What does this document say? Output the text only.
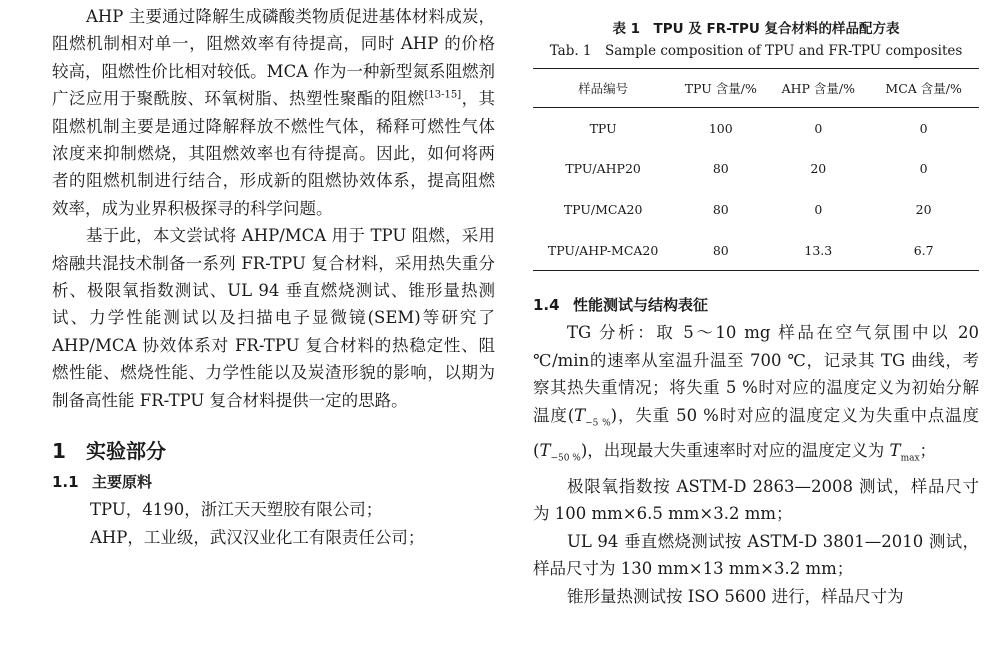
AHP 主要通过降解生成磷酸类物质促进基体材料成炭，阻燃机制相对单一，阻燃效率有待提高，同时 AHP 的价格较高，阻燃性价比相对较低。MCA 作为一种新型氮系阻燃剂广泛应用于聚酰胺、环氧树脂、热塑性聚酯的阻燃[13-15]，其阻燃机制主要是通过降解释放不燃性气体，稀释可燃性气体浓度来抑制燃烧，其阻燃效率也有待提高。因此，如何将两者的阻燃机制进行结合，形成新的阻燃协效体系，提高阻燃效率，成为业界积极探寻的科学问题。

基于此，本文尝试将 AHP/MCA 用于 TPU 阻燃，采用熔融共混技术制备一系列 FR-TPU 复合材料，采用热失重分析、极限氧指数测试、UL 94 垂直燃烧测试、锥形量热测试、力学性能测试以及扫描电子显微镜(SEM)等研究了 AHP/MCA 协效体系对 FR-TPU 复合材料的热稳定性、阻燃性能、燃烧性能、力学性能以及炭渣形貌的影响，以期为制备高性能 FR-TPU 复合材料提供一定的思路。

1 实验部分
1.1 主要原料

TPU，4190，浙江天天塑胶有限公司；

AHP，工业级，武汉汉业化工有限责任公司；

表 1　TPU 及 FR-TPU 复合材料的样品配方表
Tab. 1　Sample composition of TPU and FR-TPU composites
样品编号	TPU 含量/%	AHP 含量/%	MCA 含量/%
TPU	100	0	0
TPU/AHP20	80	20	0
TPU/MCA20	80	0	20
TPU/AHP-MCA20	80	13.3	6.7
1.4 性能测试与结构表征

TG 分析：取 5～10 mg 样品在空气氛围中以 20 ℃/min的速率从室温升温至 700 ℃，记录其 TG 曲线，考察其热失重情况；将失重 5 %时对应的温度定义为初始分解温度$(T_{-5 \%})$，失重 50 %时对应的温度定义为失重中点温度$(T_{-50 \%})$，出现最大失重速率时对应的温度定义为 $T_{max}$；

极限氧指数按 ASTM-D 2863—2008 测试，样品尺寸为 100 mm×6.5 mm×3.2 mm；

UL 94 垂直燃烧测试按 ASTM-D 3801—2010 测试，样品尺寸为 130 mm×13 mm×3.2 mm；

锥形量热测试按 ISO 5600 进行，样品尺寸为
